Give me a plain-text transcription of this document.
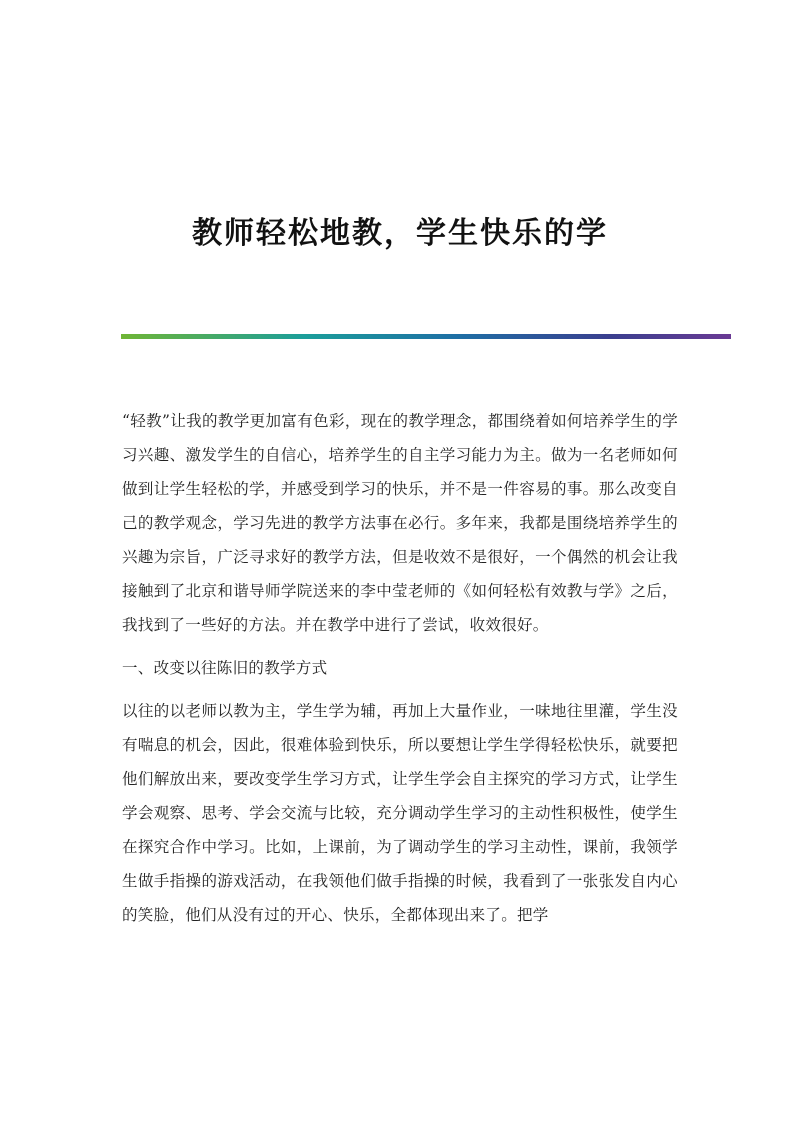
教师轻松地教，学生快乐的学

“轻教”让我的教学更加富有色彩，现在的教学理念，都围绕着如何培养学生的学习兴趣、激发学生的自信心，培养学生的自主学习能力为主。做为一名老师如何做到让学生轻松的学，并感受到学习的快乐，并不是一件容易的事。那么改变自己的教学观念，学习先进的教学方法事在必行。多年来，我都是围绕培养学生的兴趣为宗旨，广泛寻求好的教学方法，但是收效不是很好，一个偶然的机会让我接触到了北京和谐导师学院送来的李中莹老师的《如何轻松有效教与学》之后，我找到了一些好的方法。并在教学中进行了尝试，收效很好。

一、改变以往陈旧的教学方式

以往的以老师以教为主，学生学为辅，再加上大量作业，一味地往里灌，学生没有喘息的机会，因此，很难体验到快乐，所以要想让学生学得轻松快乐，就要把他们解放出来，要改变学生学习方式，让学生学会自主探究的学习方式，让学生学会观察、思考、学会交流与比较，充分调动学生学习的主动性积极性，使学生在探究合作中学习。比如，上课前，为了调动学生的学习主动性，课前，我领学生做手指操的游戏活动，在我领他们做手指操的时候，我看到了一张张发自内心的笑脸，他们从没有过的开心、快乐，全都体现出来了。把学
